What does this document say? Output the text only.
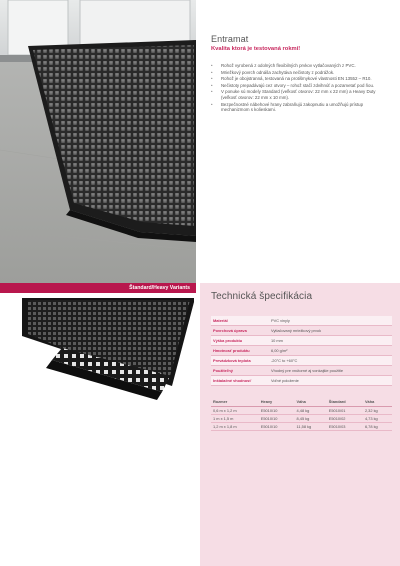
Štandard/Heavy Variants
Entramat
Kvalita ktorá je testovaná rokmi!
•	Rohož vyrobená z odolných flexibilných prvkov vytlačovaných z PVC.
•	Mriežkový povrch odnáša zachytáva nečistoty z podrážok.
•	Rohož je obojstranná, testovaná na protišmykové vlastnosti EN 13552 – R10.
•	Nečistoty prepadávajú cez otvory – rohož stačí zdvihnúť a pozametať pod ňou.
•	V ponuke sú modely Standard (veľkosť otvorov: 22 mm x 22 mm) a Heavy Duty (veľkosť otvorov: 22 mm x 10 mm).
•	Bezpečnostné nábehové hrany zabraňujú zakopnutiu a umožňujú prístup mechanizmom s kolieskami.
Technická špecifikácia
Materiál	PVC vinyly
Povrchová úprava	Vytlačovaný mriežkový prvok
Výška produktu	10 mm
Hmotnosť produktu	6,00 g/m²
Prevádzková teplota	-20°C to +60°C
Použiteľný	Vhodný pre vnútorné aj vonkajšie použitie
Inštalačné vhodnosť	Voľné položenie
Rozmer	Heavy	Váha	Štandard	Váha
0,6 m x 1,2 m	E5010/10	4,48 kg	E5010/01	2,32 kg
1 m x 1,5 m	E5010/10	8,45 kg	E5010/02	4,73 kg
1,2 m x 1,8 m	E5010/10	11,58 kg	E5010/03	6,78 kg
